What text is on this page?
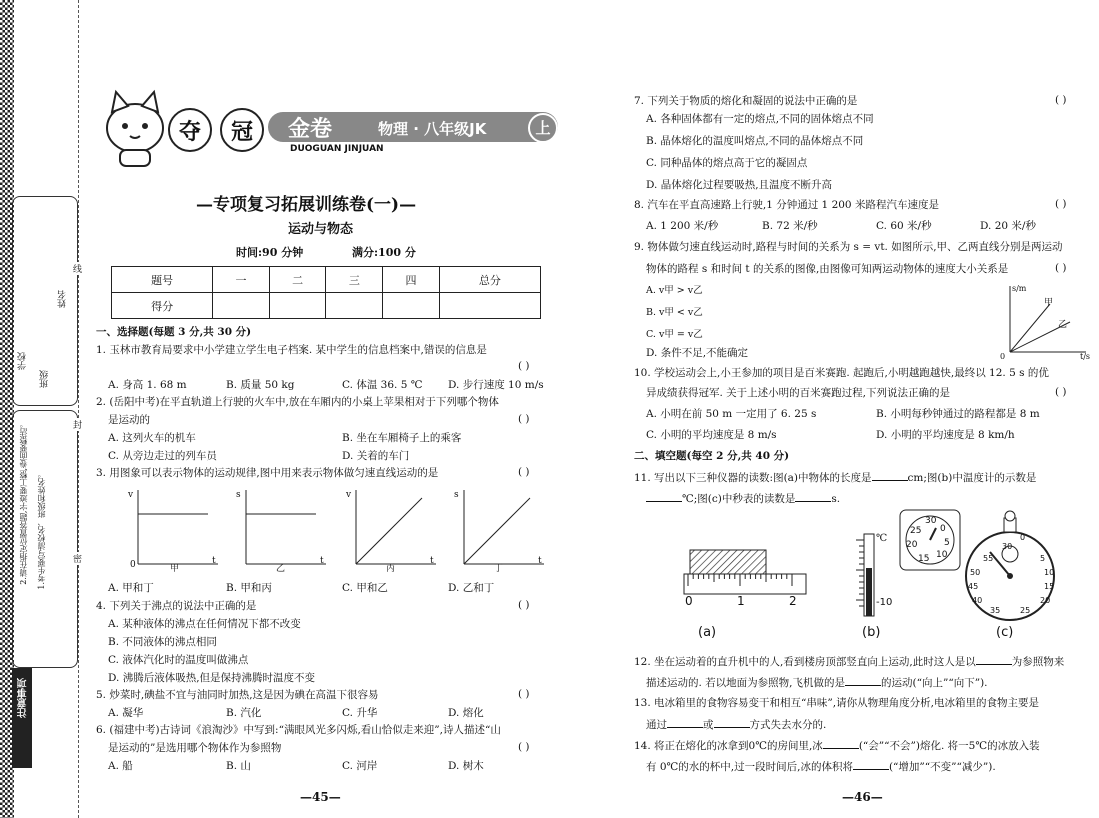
学校
班级
姓名
2.请在指定位置答题,字迹要工整,卷面要整洁。 1.考生要写清校名、班级和姓名。
注意事项
线
封
密
夺	冠	金卷
DUOGUAN JINJUAN
物理 · 八年级JK	上
—专项复习拓展训练卷(一)—
运动与物态
时间:90 分钟	满分:100 分
题号	一	二	三	四	总分
得分					
一、选择题(每题 3 分,共 30 分)
1. 玉林市教育局要求中小学建立学生电子档案. 某中学生的信息档案中,错误的信息是
( )
A. 身高 1. 68 m	B. 质量 50 kg	C. 体温 36. 5 ℃ D. 步行速度 10 m/s
2. (岳阳中考)在平直轨道上行驶的火车中,放在车厢内的小桌上苹果相对于下列哪个物体
是运动的	( )
A. 这列火车的机车	B. 坐在车厢椅子上的乘客
C. 从旁边走过的列车员	D. 关着的车门
3. 用图象可以表示物体的运动规律,图中用来表示物体做匀速直线运动的是	( )
v
0	t
甲
s
t
乙
v
t
丙
s
t
丁
A. 甲和丁	B. 甲和丙	C. 甲和乙	D. 乙和丁
4. 下列关于沸点的说法中正确的是	( )
A. 某种液体的沸点在任何情况下都不改变
B. 不同液体的沸点相同
C. 液体汽化时的温度叫做沸点
D. 沸腾后液体吸热,但是保持沸腾时温度不变
5. 炒菜时,碘盐不宜与油同时加热,这是因为碘在高温下很容易	( )
A. 凝华	B. 汽化	C. 升华	D. 熔化
6. (福建中考)古诗词《浪淘沙》中写到:“满眼风光多闪烁,看山恰似走来迎”,诗人描述“山
是运动的”是选用哪个物体作为参照物	( )
A. 船	B. 山	C. 河岸	D. 树木
—45—
7. 下列关于物质的熔化和凝固的说法中正确的是	( )
A. 各种固体都有一定的熔点,不同的固体熔点不同
B. 晶体熔化的温度叫熔点,不同的晶体熔点不同
C. 同种晶体的熔点高于它的凝固点
D. 晶体熔化过程要吸热,且温度不断升高
8. 汽车在平直高速路上行驶,1 分钟通过 1 200 米路程汽车速度是	( )
A. 1 200 米/秒	B. 72 米/秒	C. 60 米/秒	D. 20 米/秒
9. 物体做匀速直线运动时,路程与时间的关系为 s = vt. 如图所示,甲、乙两直线分别是两运动
物体的路程 s 和时间 t 的关系的图像,由图像可知两运动物体的速度大小关系是	( )
A. v甲 > v乙
B. v甲 < v乙
C. v甲 = v乙
D. 条件不足,不能确定
s/m
t/s
0
甲
乙
10. 学校运动会上,小王参加的项目是百米赛跑. 起跑后,小明越跑越快,最终以 12. 5 s 的优
异成绩获得冠军. 关于上述小明的百米赛跑过程,下列说法正确的是	( )
A. 小明在前 50 m 一定用了 6. 25 s	B. 小明每秒钟通过的路程都是 8 m
C. 小明的平均速度是 8 m/s	D. 小明的平均速度是 8 km/h
二、填空题(每空 2 分,共 40 分)
11. 写出以下三种仪器的读数:图(a)中物体的长度是	cm;图(b)中温度计的示数是
℃;图(c)中秒表的读数是	s.
0	1	2
(a)
℃
-10
(b)
30
0
25
5
20
10
15
0
30
55	5
50	10
45	15
40	20
35 25
(c)
12. 坐在运动着的直升机中的人,看到楼房顶部竖直向上运动,此时这人是以	为参照物来
描述运动的. 若以地面为参照物,飞机做的是	的运动(“向上”“向下”).
13. 电冰箱里的食物容易变干和相互“串味”,请你从物理角度分析,电冰箱里的食物主要是
通过	或	方式失去水分的.
14. 将正在熔化的冰拿到0℃的房间里,冰	(“会”“不会”)熔化. 将一5℃的冰放入装
有 0℃的水的杯中,过一段时间后,冰的体积将	(“增加”“不变”“减少”).
—46—
